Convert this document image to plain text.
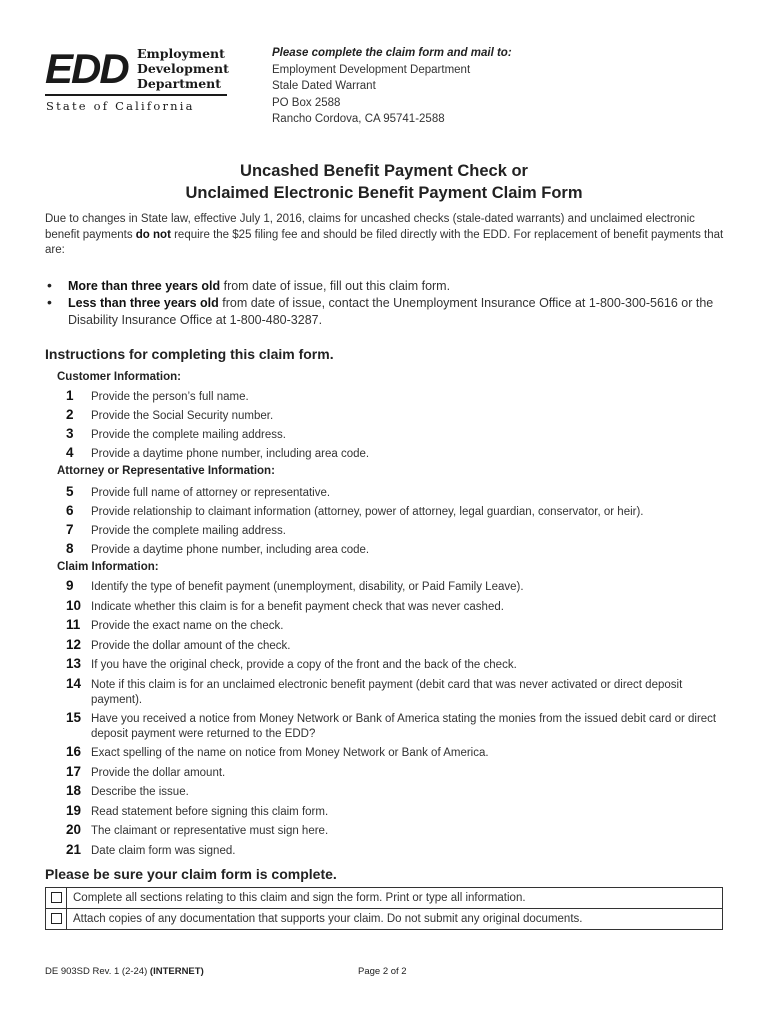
EDD Employment
Development
Department
State of California
Please complete the claim form and mail to:
Employment Development Department
Stale Dated Warrant
PO Box 2588
Rancho Cordova, CA 95741-2588
Uncashed Benefit Payment Check or
Unclaimed Electronic Benefit Payment Claim Form
Due to changes in State law, effective July 1, 2016, claims for uncashed checks (stale-dated warrants) and unclaimed electronic benefit payments do not require the $25 filing fee and should be filed directly with the EDD. For replacement of benefit payments that are:
• More than three years old from date of issue, fill out this claim form.
• Less than three years old from date of issue, contact the Unemployment Insurance Office at 1-800-300-5616 or the Disability Insurance Office at 1-800-480-3287.
Instructions for completing this claim form.
Customer Information:
1	Provide the person’s full name.
2	Provide the Social Security number.
3	Provide the complete mailing address.
4	Provide a daytime phone number, including area code.
Attorney or Representative Information:
5	Provide full name of attorney or representative.
6	Provide relationship to claimant information (attorney, power of attorney, legal guardian, conservator, or heir).
7	Provide the complete mailing address.
8	Provide a daytime phone number, including area code.
Claim Information:
9	Identify the type of benefit payment (unemployment, disability, or Paid Family Leave).
10 Indicate whether this claim is for a benefit payment check that was never cashed.
11 Provide the exact name on the check.
12 Provide the dollar amount of the check.
13 If you have the original check, provide a copy of the front and the back of the check.
14 Note if this claim is for an unclaimed electronic benefit payment (debit card that was never activated or direct deposit payment).
15 Have you received a notice from Money Network or Bank of America stating the monies from the issued debit card or direct deposit payment were returned to the EDD?
16 Exact spelling of the name on notice from Money Network or Bank of America.
17 Provide the dollar amount.
18 Describe the issue.
19 Read statement before signing this claim form.
20 The claimant or representative must sign here.
21 Date claim form was signed.
Please be sure your claim form is complete.
	Complete all sections relating to this claim and sign the form. Print or type all information.
	Attach copies of any documentation that supports your claim. Do not submit any original documents.
DE 903SD Rev. 1 (2-24) (INTERNET)	Page 2 of 2
